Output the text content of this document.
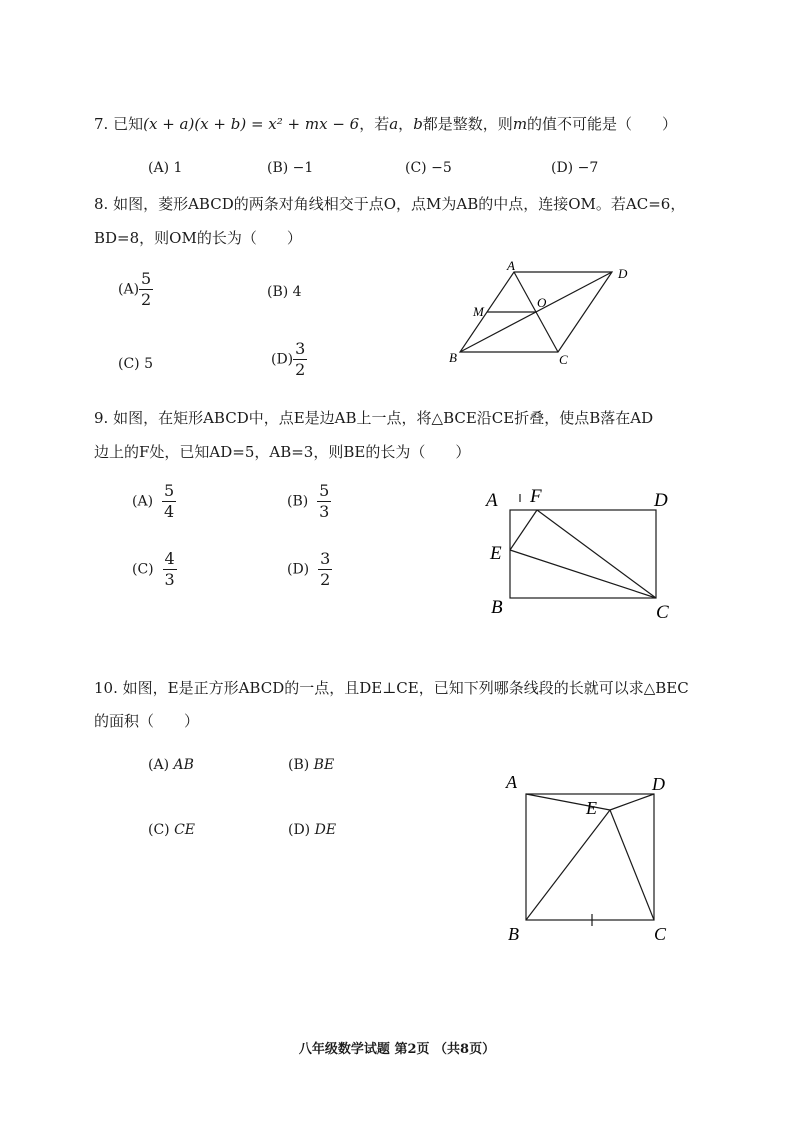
7. 已知(x + a)(x + b) = x² + mx − 6，若a，b都是整数，则m的值不可能是（　　）
(A) 1	(B) −1	(C) −5	(D) −7
8. 如图，菱形ABCD的两条对角线相交于点O，点M为AB的中点，连接OM。若AC=6，
BD=8，则OM的长为（　　）
$(A) \frac{5}{2}$	(B) 4
(C) 5	$(D) \frac{3}{2}$
A
D
B	C
M
O
9. 如图，在矩形ABCD中，点E是边AB上一点，将△BCE沿CE折叠，使点B落在AD
边上的F处，已知AD=5，AB=3，则BE的长为（　　）
$(A) \frac{5}{4}$	$(B) \frac{5}{3}$
$(C) \frac{4}{3}$	$(D) \frac{3}{2}$
A F	D
E
B	C
10. 如图，E是正方形ABCD的一点，且DE⊥CE，已知下列哪条线段的长就可以求△BEC
的面积（　　）
(A) AB	(B) BE
(C) CE	(D) DE
A	D
E
B	C
八年级数学试题 第2页 （共8页）
